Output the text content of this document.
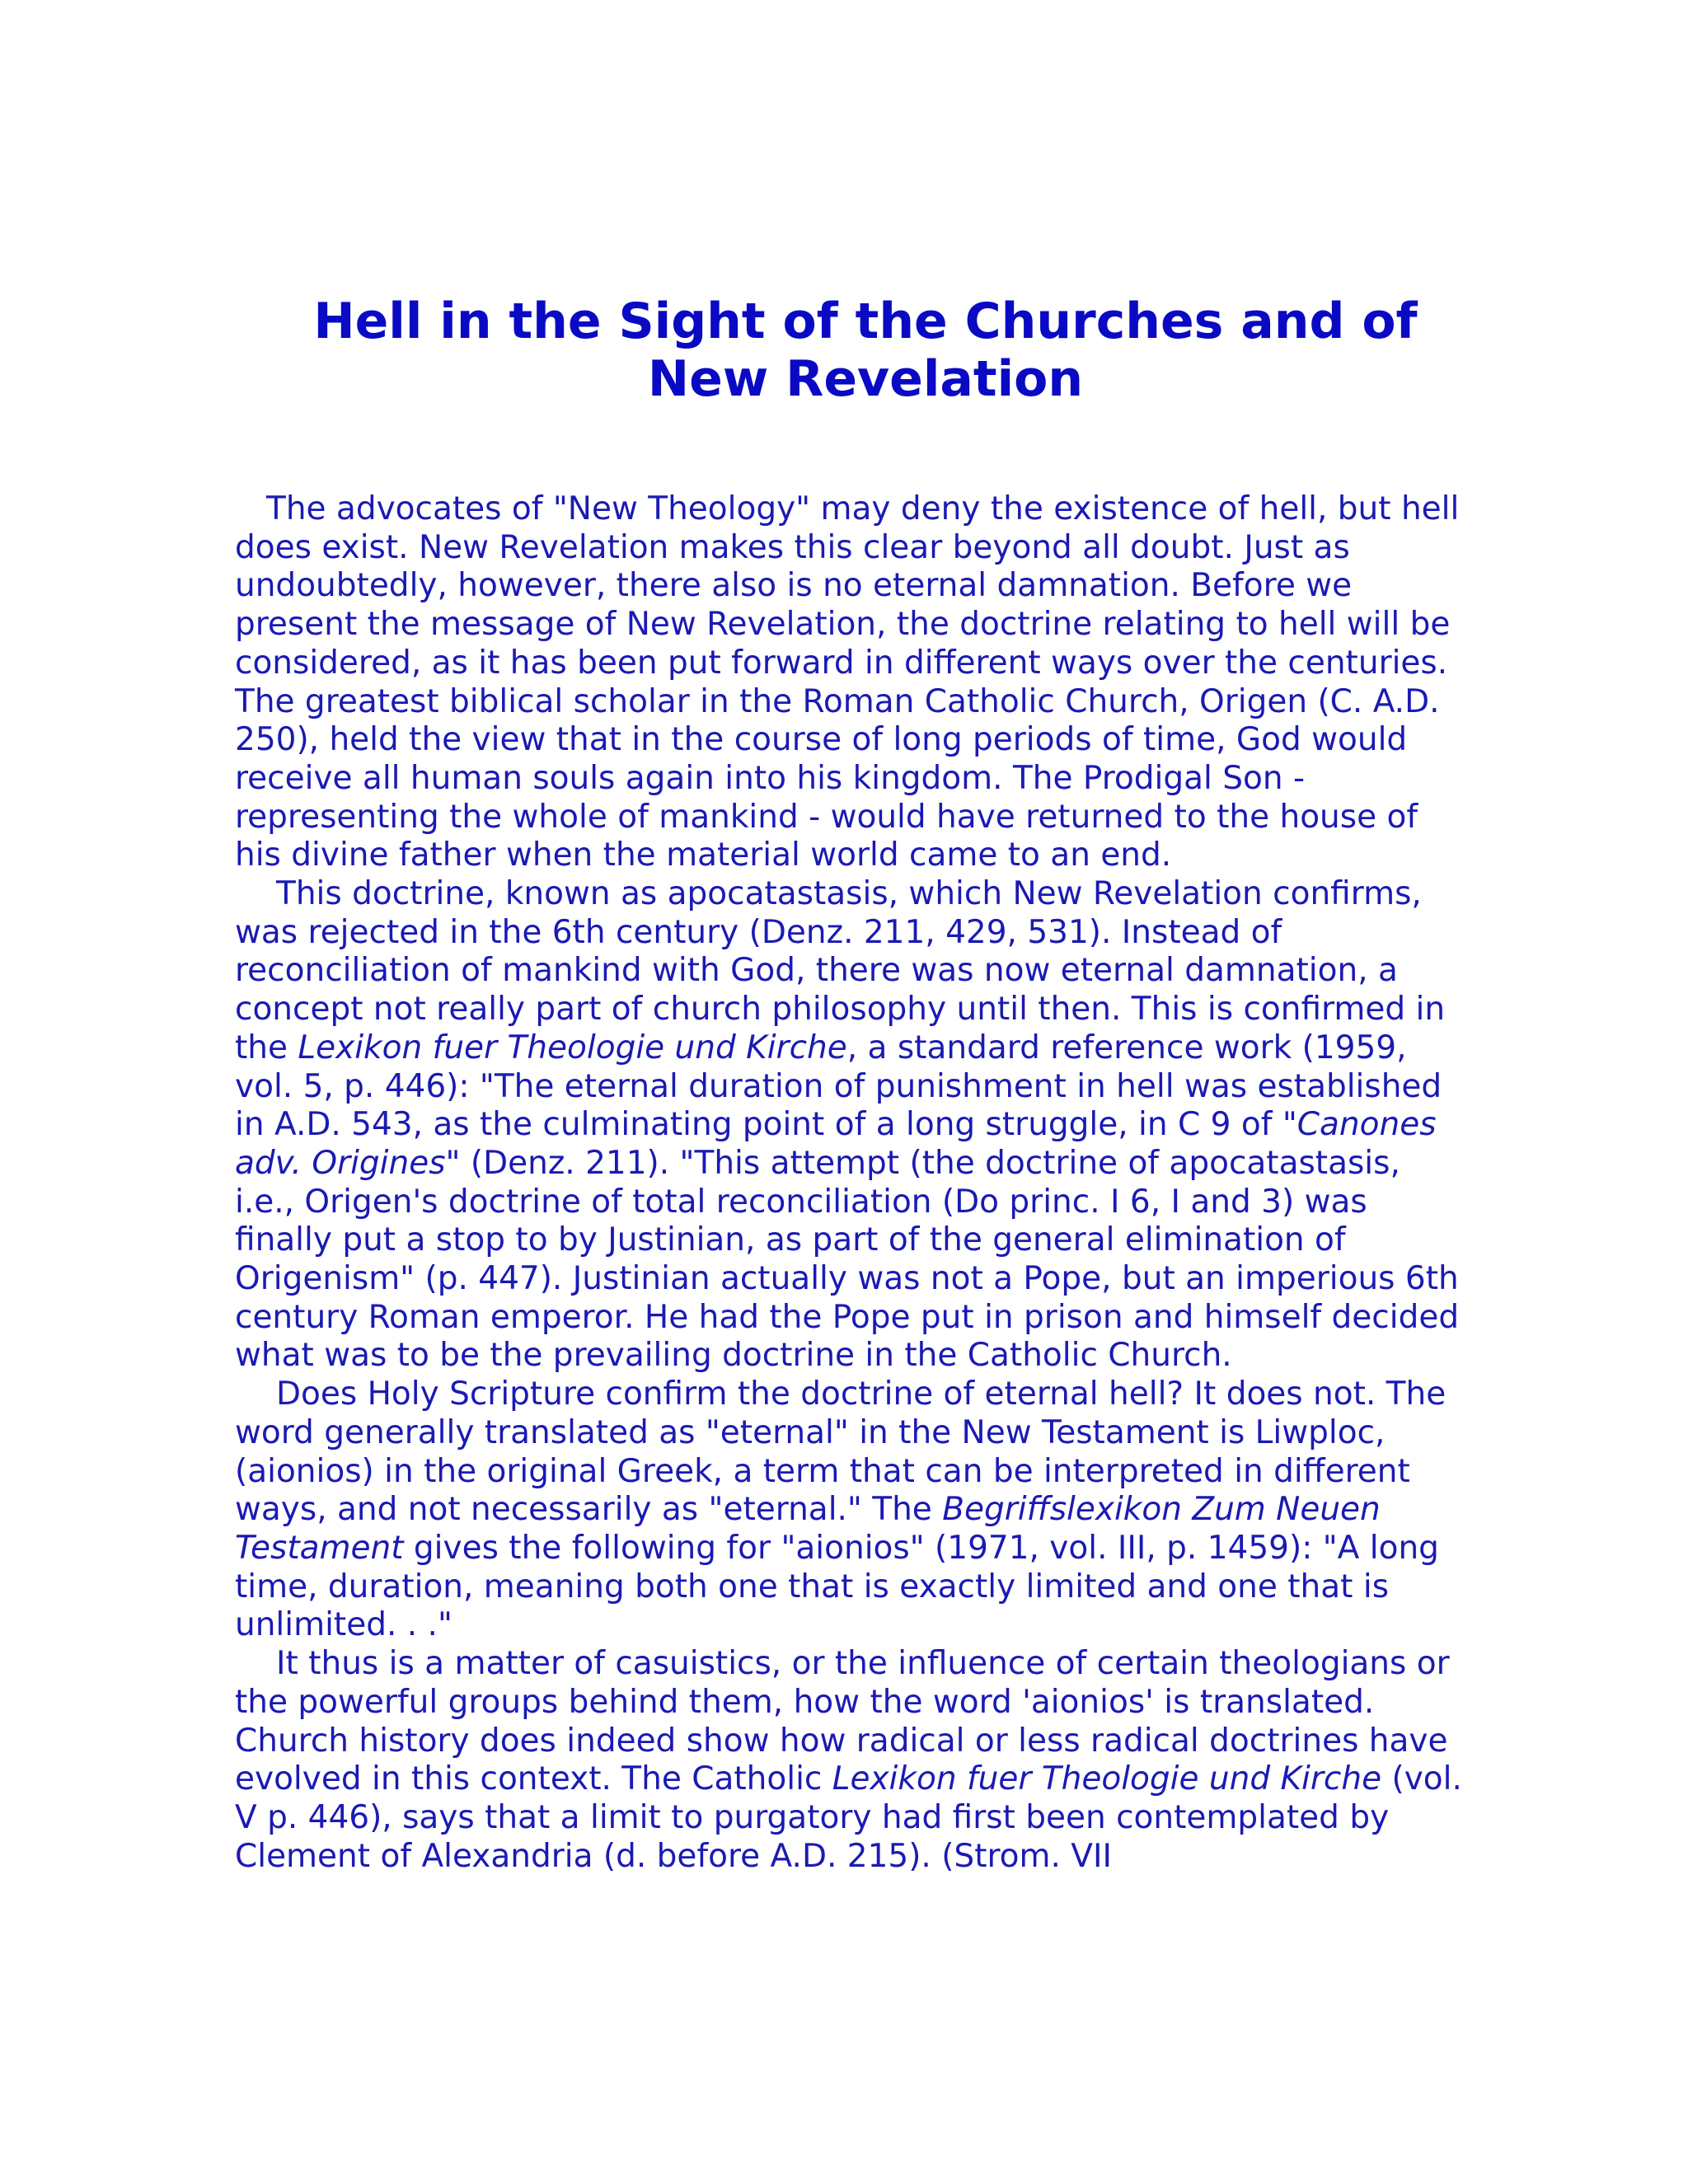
Hell in the Sight of the Churches and of
New Revelation

The advocates of "New Theology" may deny the existence of hell, but hell does exist. New Revelation makes this clear beyond all doubt. Just as undoubtedly, however, there also is no eternal damnation. Before we present the message of New Revelation, the doctrine relating to hell will be considered, as it has been put forward in different ways over the centuries. The greatest biblical scholar in the Roman Catholic Church, Origen (C. A.D. 250), held the view that in the course of long periods of time, God would receive all human souls again into his kingdom. The Prodigal Son - representing the whole of mankind - would have returned to the house of his divine father when the material world came to an end.

This doctrine, known as apocatastasis, which New Revelation confirms, was rejected in the 6th century (Denz. 211, 429, 531). Instead of reconciliation of mankind with God, there was now eternal damnation, a concept not really part of church philosophy until then. This is confirmed in the Lexikon fuer Theologie und Kirche, a standard reference work (1959, vol. 5, p. 446): "The eternal duration of punishment in hell was established in A.D. 543, as the culminating point of a long struggle, in C 9 of "Canones adv. Origines" (Denz. 211). "This attempt (the doctrine of apocatastasis, i.e., Origen's doctrine of total reconciliation (Do princ. I 6, I and 3) was finally put a stop to by Justinian, as part of the general elimination of Origenism" (p. 447). Justinian actually was not a Pope, but an imperious 6th century Roman emperor. He had the Pope put in prison and himself decided what was to be the prevailing doctrine in the Catholic Church.

Does Holy Scripture confirm the doctrine of eternal hell? It does not. The word generally translated as "eternal" in the New Testament is Liwploc, (aionios) in the original Greek, a term that can be interpreted in different ways, and not necessarily as "eternal." The Begriffslexikon Zum Neuen Testament gives the following for "aionios" (1971, vol. III, p. 1459): "A long time, duration, meaning both one that is exactly limited and one that is unlimited. . ."

It thus is a matter of casuistics, or the influence of certain theologians or the powerful groups behind them, how the word 'aionios' is translated. Church history does indeed show how radical or less radical doctrines have evolved in this context. The Catholic Lexikon fuer Theologie und Kirche (vol. V p. 446), says that a limit to purgatory had first been contemplated by Clement of Alexandria (d. before A.D. 215). (Strom. VII
